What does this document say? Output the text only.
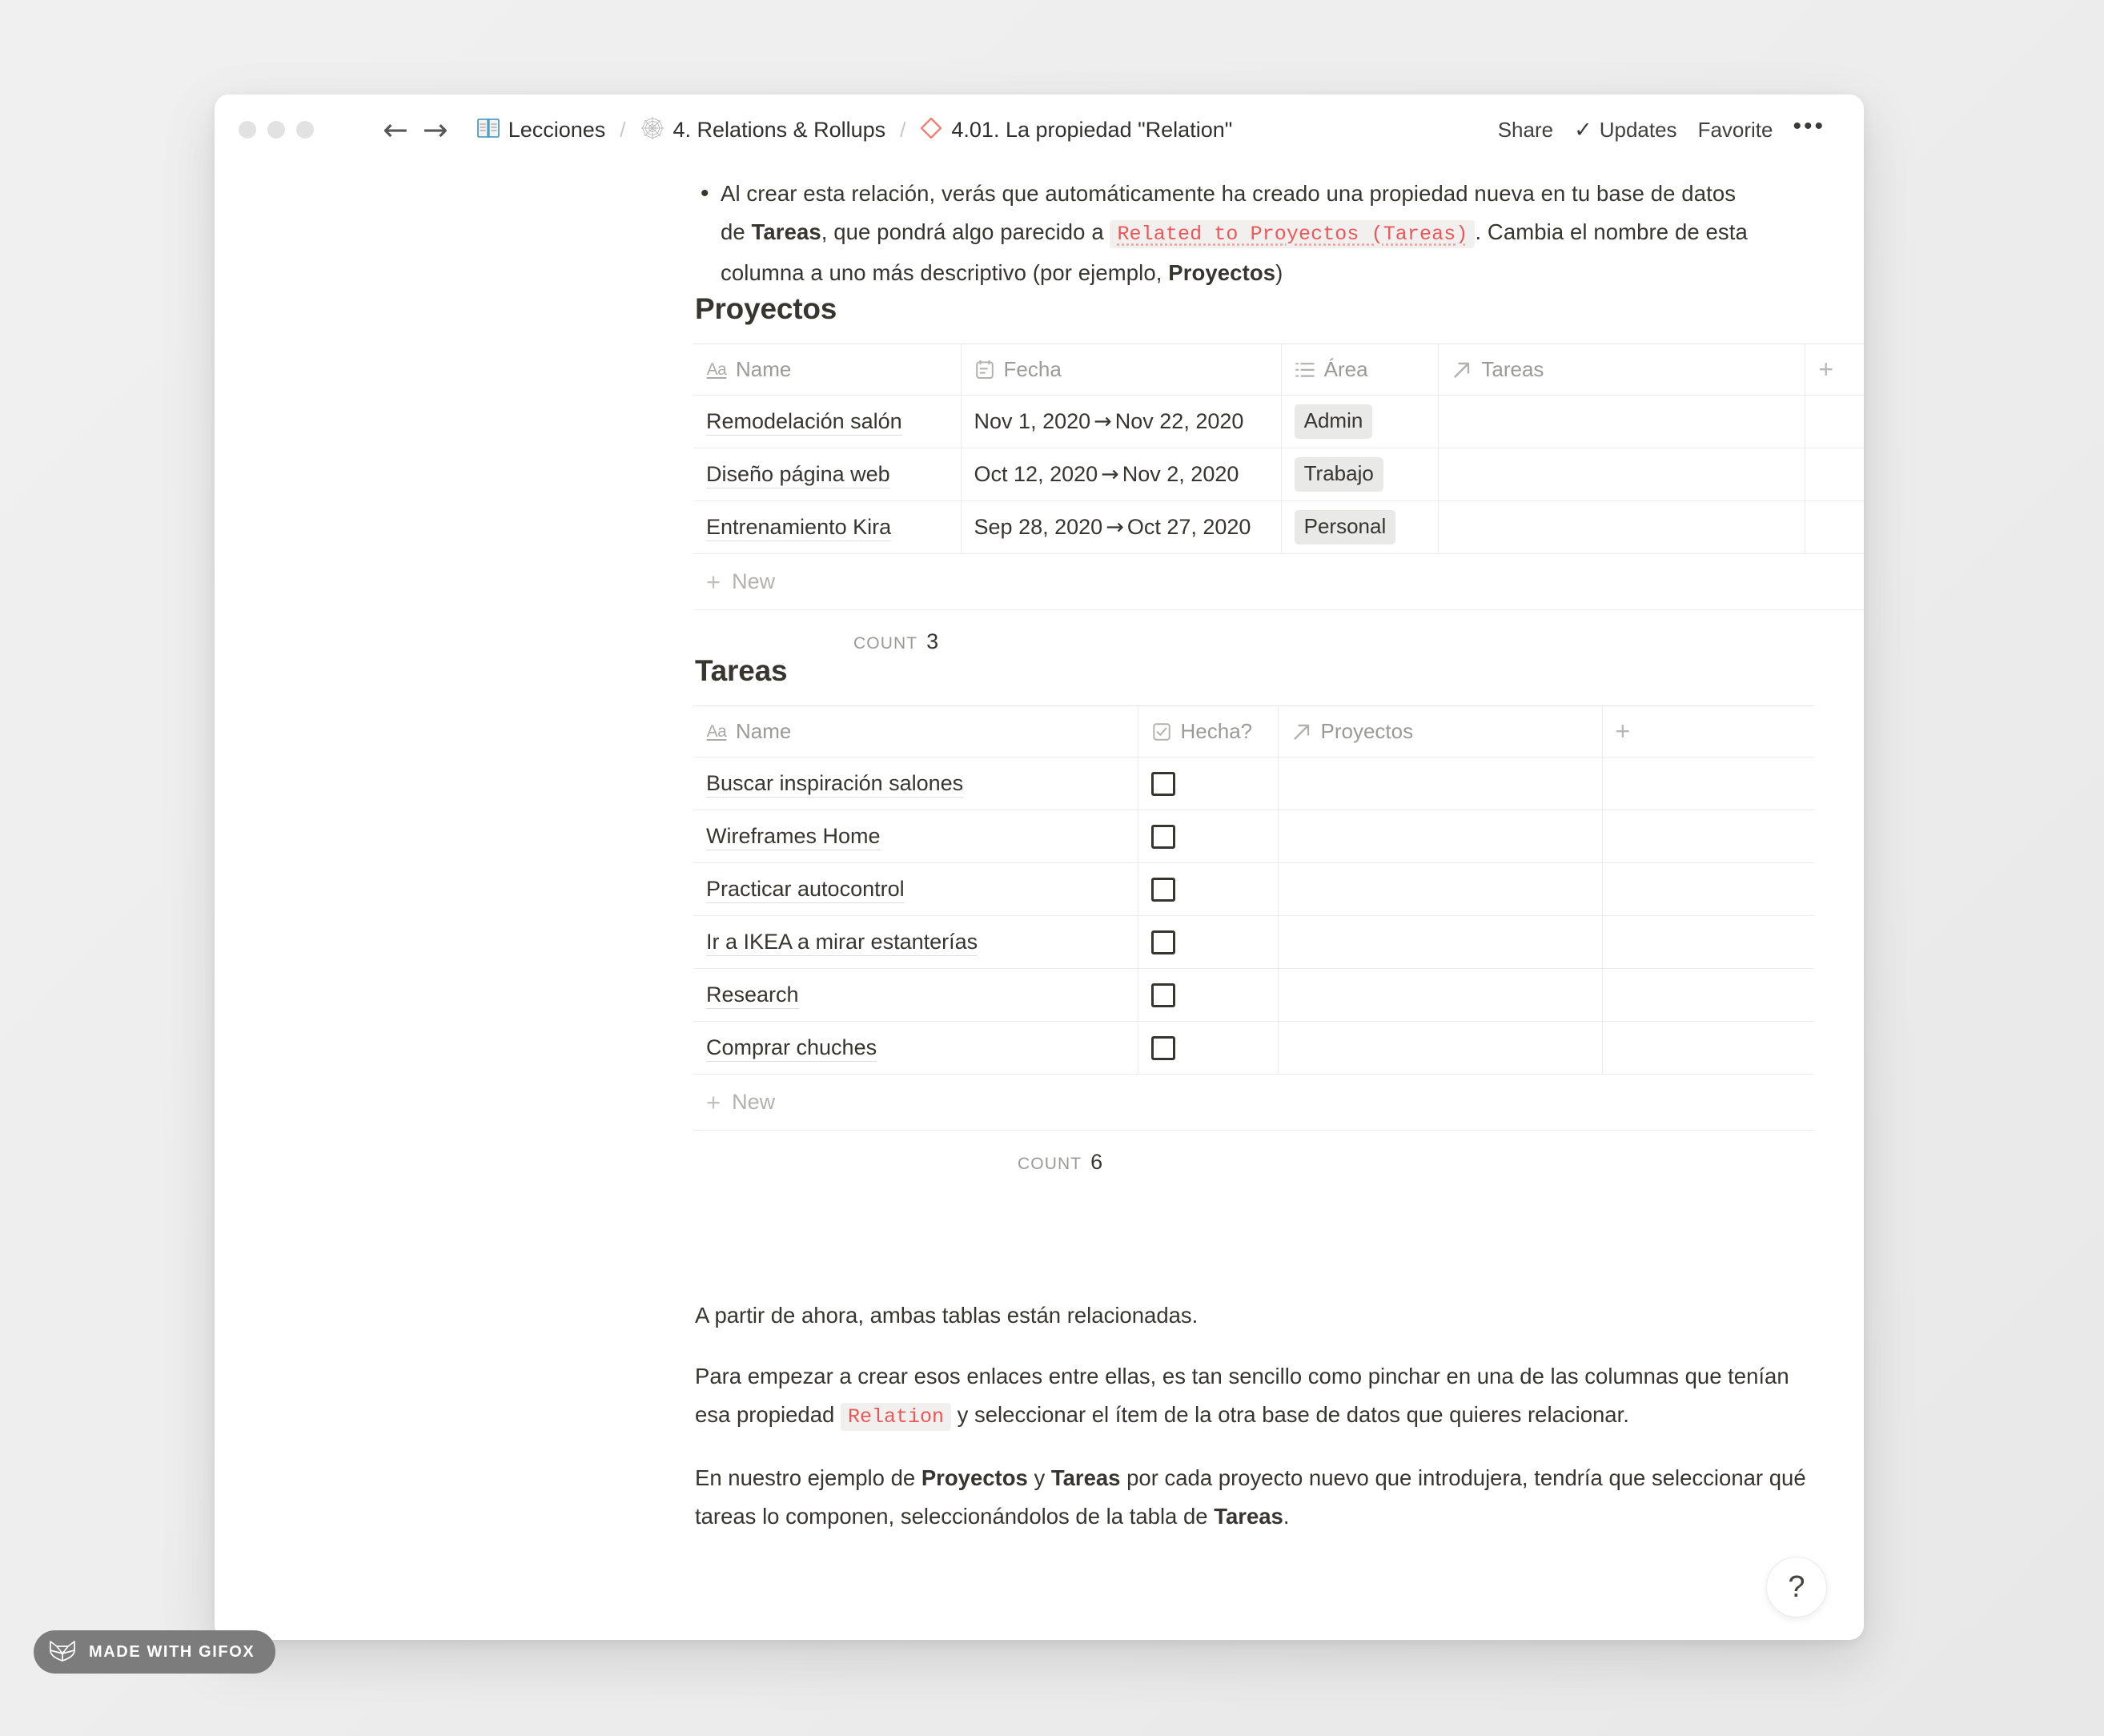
← →	Lecciones /	4. Relations & Rollups /	4.01. La propiedad "Relation"	Share ✓ Updates Favorite •••
• Al crear esta relación, verás que automáticamente ha creado una propiedad nueva en tu base de datos de Tareas, que pondrá algo parecido a Related to Proyectos (Tareas) . Cambia el nombre de esta columna a uno más descriptivo (por ejemplo, Proyectos)
Proyectos
Aa Name	Fecha	Área	Tareas	+
Remodelación salón	Nov 1, 2020 → Nov 22, 2020	Admin		
Diseño página web	Oct 12, 2020 → Nov 2, 2020	Trabajo		
Entrenamiento Kira	Sep 28, 2020 → Oct 27, 2020	Personal		

+ New				
COUNT 3
Tareas
Aa Name	Hecha?	Proyectos	+
Buscar inspiración salones	

Wireframes Home	

Practicar autocontrol	

Ir a IKEA a mirar estanterías	

Research	

Comprar chuches	

+ New			
COUNT 6

A partir de ahora, ambas tablas están relacionadas.

Para empezar a crear esos enlaces entre ellas, es tan sencillo como pinchar en una de las columnas que tenían esa propiedad Relation y seleccionar el ítem de la otra base de datos que quieres relacionar.

En nuestro ejemplo de Proyectos y Tareas por cada proyecto nuevo que introdujera, tendría que seleccionar qué tareas lo componen, seleccionándolos de la tabla de Tareas.

?
MADE WITH GIFOX
